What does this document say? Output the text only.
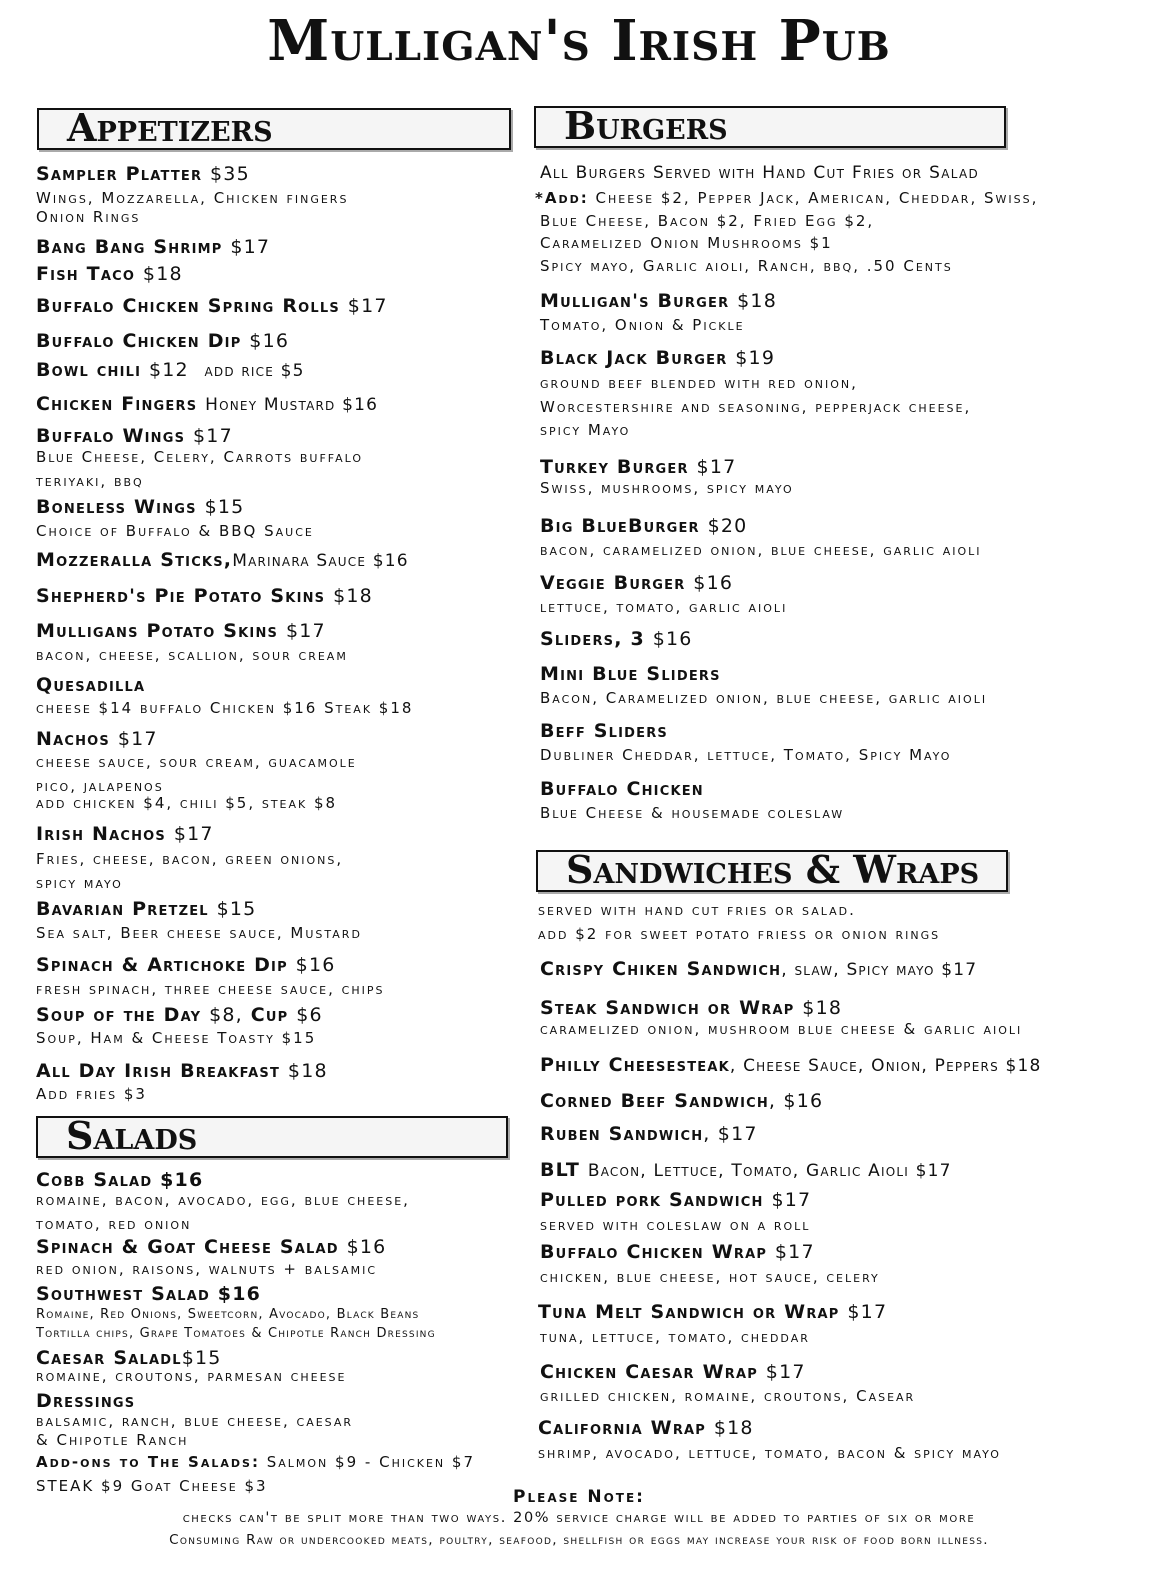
Mulligan's Irish Pub
Appetizers
Sampler Platter $35
Wings, Mozzarella, Chicken fingers
Onion Rings
Bang Bang Shrimp $17
Fish Taco $18
Buffalo Chicken Spring Rolls $17
Buffalo Chicken Dip $16
Bowl chili $12 add rice $5
Chicken Fingers Honey Mustard $16
Buffalo Wings $17
Blue Cheese, Celery, Carrots buffalo
teriyaki, bbq
Boneless Wings $15
Choice of Buffalo & BBQ Sauce
Mozzeralla Sticks,Marinara Sauce $16
Shepherd's Pie Potato Skins $18
Mulligans Potato Skins $17
bacon, cheese, scallion, sour cream
Quesadilla
cheese $14 buffalo Chicken $16 Steak $18
Nachos $17
cheese sauce, sour cream, guacamole
pico, jalapenos
add chicken $4, chili $5, steak $8
Irish Nachos $17
Fries, cheese, bacon, green onions,
spicy mayo
Bavarian Pretzel $15
Sea salt, Beer cheese sauce, Mustard
Spinach & Artichoke Dip $16
fresh spinach, three cheese sauce, chips
Soup of the Day $8, Cup $6
Soup, Ham & Cheese Toasty $15
All Day Irish Breakfast $18
Add fries $3
Salads
Cobb Salad $16
romaine, bacon, avocado, egg, blue cheese,
tomato, red onion
Spinach & Goat Cheese Salad $16
red onion, raisons, walnuts + balsamic
Southwest Salad $16
Romaine, Red Onions, Sweetcorn, Avocado, Black Beans
Tortilla chips, Grape Tomatoes & Chipotle Ranch Dressing
Caesar Saladl$15
romaine, croutons, parmesan cheese
Dressings
balsamic, ranch, blue cheese, caesar
& Chipotle Ranch
Add-ons to The Salads: Salmon $9 - Chicken $7
STEAK $9 Goat Cheese $3
Burgers
All Burgers Served with Hand Cut Fries or Salad
*Add: Cheese $2, Pepper Jack, American, Cheddar, Swiss,
Blue Cheese, Bacon $2, Fried Egg $2,
Caramelized Onion Mushrooms $1
Spicy mayo, Garlic aioli, Ranch, bbq, .50 Cents
Mulligan's Burger $18
Tomato, Onion & Pickle
Black Jack Burger $19
ground beef blended with red onion,
Worcestershire and seasoning, pepperjack cheese,
spicy Mayo
Turkey Burger $17
Swiss, mushrooms, spicy mayo
Big BlueBurger $20
bacon, caramelized onion, blue cheese, garlic aioli
Veggie Burger $16
lettuce, tomato, garlic aioli
Sliders, 3 $16
Mini Blue Sliders
Bacon, Caramelized onion, blue cheese, garlic aioli
Beff Sliders
Dubliner Cheddar, lettuce, Tomato, Spicy Mayo
Buffalo Chicken
Blue Cheese & housemade coleslaw
Sandwiches & Wraps
served with hand cut fries or salad.
add $2 for sweet potato friess or onion rings
Crispy Chiken Sandwich, slaw, Spicy mayo $17
Steak Sandwich or Wrap $18
caramelized onion, mushroom blue cheese & garlic aioli
Philly Cheesesteak, Cheese Sauce, Onion, Peppers $18
Corned Beef Sandwich, $16
Ruben Sandwich, $17
BLT Bacon, Lettuce, Tomato, Garlic Aioli $17
Pulled pork Sandwich $17
served with coleslaw on a roll
Buffalo Chicken Wrap $17
chicken, blue cheese, hot sauce, celery
Tuna Melt Sandwich or Wrap $17
tuna, lettuce, tomato, cheddar
Chicken Caesar Wrap $17
grilled chicken, romaine, croutons, Casear
California Wrap $18
shrimp, avocado, lettuce, tomato, bacon & spicy mayo
Please Note:
checks can't be split more than two ways. 20% service charge will be added to parties of six or more
Consuming Raw or undercooked meats, poultry, seafood, shellfish or eggs may increase your risk of food born illness.
